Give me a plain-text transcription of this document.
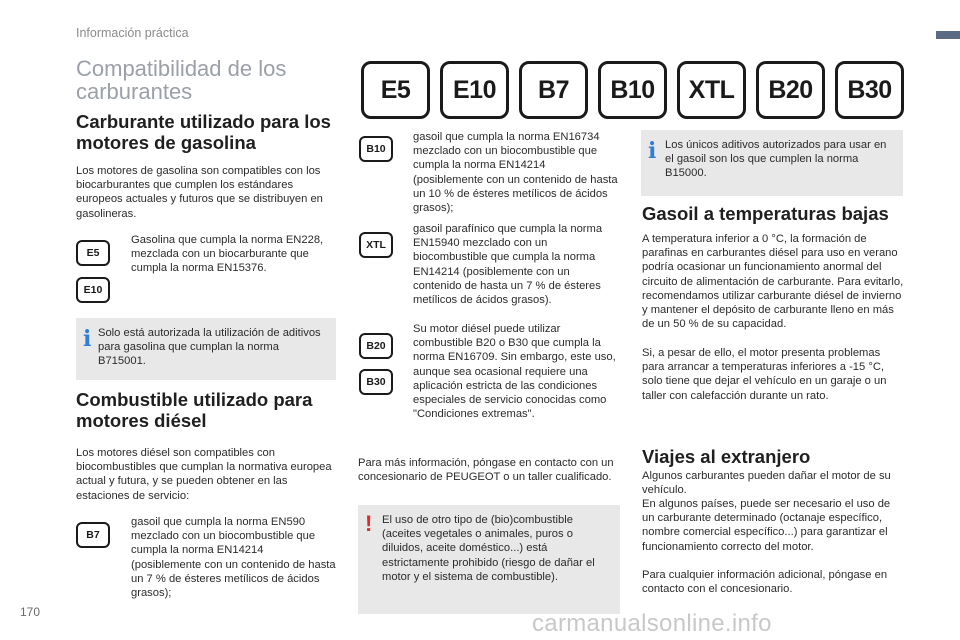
Información práctica
Compatibilidad de los carburantes	E5	E10	B7	B10	XTL	B20	B30
Carburante utilizado para los motores de gasolina
Los motores de gasolina son compatibles con los biocarburantes que cumplen los estándares europeos actuales y futuros que se distribuyen en gasolineras.
E5
E10
Gasolina que cumpla la norma EN228, mezclada con un biocarburante que cumpla la norma EN15376.
i Solo está autorizada la utilización de aditivos para gasolina que cumplan la norma B715001.
Combustible utilizado para motores diésel
Los motores diésel son compatibles con biocombustibles que cumplan la normativa europea actual y futura, y se pueden obtener en las estaciones de servicio:
B7
gasoil que cumpla la norma EN590 mezclado con un biocombustible que cumpla la norma EN14214 (posiblemente con un contenido de hasta un 7 % de ésteres metílicos de ácidos grasos);
B10
gasoil que cumpla la norma EN16734 mezclado con un biocombustible que cumpla la norma EN14214 (posiblemente con un contenido de hasta un 10 % de ésteres metílicos de ácidos grasos);
XTL
gasoil parafínico que cumpla la norma EN15940 mezclado con un biocombustible que cumpla la norma EN14214 (posiblemente con un contenido de hasta un 7 % de ésteres metílicos de ácidos grasos).
B20
B30
Su motor diésel puede utilizar combustible B20 o B30 que cumpla la norma EN16709. Sin embargo, este uso, aunque sea ocasional requiere una aplicación estricta de las condiciones especiales de servicio conocidas como "Condiciones extremas".
Para más información, póngase en contacto con un concesionario de PEUGEOT o un taller cualificado.
! El uso de otro tipo de (bio)combustible (aceites vegetales o animales, puros o diluidos, aceite doméstico...) está estrictamente prohibido (riesgo de dañar el motor y el sistema de combustible).
i Los únicos aditivos autorizados para usar en el gasoil son los que cumplen la norma B15000.
Gasoil a temperaturas bajas
A temperatura inferior a 0 °C, la formación de parafinas en carburantes diésel para uso en verano podría ocasionar un funcionamiento anormal del circuito de alimentación de carburante. Para evitarlo, recomendamos utilizar carburante diésel de invierno y mantener el depósito de carburante lleno en más de un 50 % de su capacidad.
Si, a pesar de ello, el motor presenta problemas para arrancar a temperaturas inferiores a -15 °C, solo tiene que dejar el vehículo en un garaje o un taller con calefacción durante un rato.
Viajes al extranjero
Algunos carburantes pueden dañar el motor de su vehículo.
En algunos países, puede ser necesario el uso de un carburante determinado (octanaje específico, nombre comercial específico...) para garantizar el funcionamiento correcto del motor.
Para cualquier información adicional, póngase en contacto con el concesionario.
170	carmanualsonline.info
